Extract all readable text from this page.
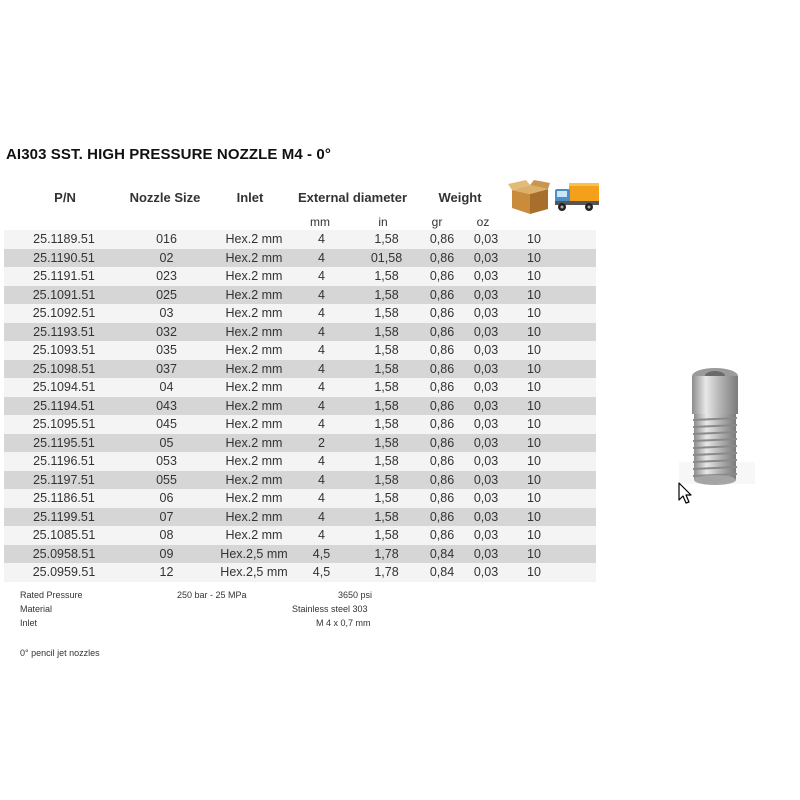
AI303 SST. HIGH PRESSURE NOZZLE M4 - 0°
P/N	Nozzle Size	Inlet	External diameter	Weight
mm	in	gr	oz
25.1189.51	016	Hex.2 mm	4	1,58	0,86	0,03	10
25.1190.51	02	Hex.2 mm	4	01,58	0,86	0,03	10
25.1191.51	023	Hex.2 mm	4	1,58	0,86	0,03	10
25.1091.51	025	Hex.2 mm	4	1,58	0,86	0,03	10
25.1092.51	03	Hex.2 mm	4	1,58	0,86	0,03	10
25.1193.51	032	Hex.2 mm	4	1,58	0,86	0,03	10
25.1093.51	035	Hex.2 mm	4	1,58	0,86	0,03	10
25.1098.51	037	Hex.2 mm	4	1,58	0,86	0,03	10
25.1094.51	04	Hex.2 mm	4	1,58	0,86	0,03	10
25.1194.51	043	Hex.2 mm	4	1,58	0,86	0,03	10
25.1095.51	045	Hex.2 mm	4	1,58	0,86	0,03	10
25.1195.51	05	Hex.2 mm	2	1,58	0,86	0,03	10
25.1196.51	053	Hex.2 mm	4	1,58	0,86	0,03	10
25.1197.51	055	Hex.2 mm	4	1,58	0,86	0,03	10
25.1186.51	06	Hex.2 mm	4	1,58	0,86	0,03	10
25.1199.51	07	Hex.2 mm	4	1,58	0,86	0,03	10
25.1085.51	08	Hex.2 mm	4	1,58	0,86	0,03	10
25.0958.51	09	Hex.2,5 mm	4,5	1,78	0,84	0,03	10
25.0959.51	12	Hex.2,5 mm	4,5	1,78	0,84	0,03	10
Rated Pressure	250 bar - 25 MPa	3650 psi
Material	Stainless steel 303
Inlet	M 4 x 0,7 mm
0° pencil jet nozzles
